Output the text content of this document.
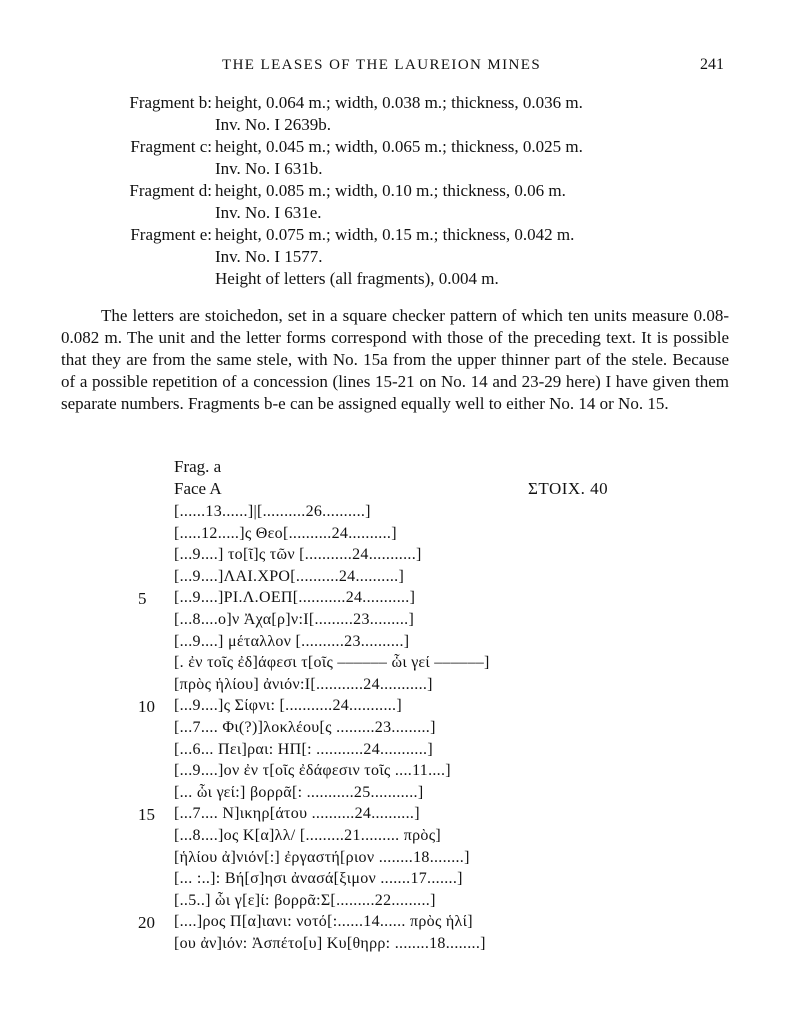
THE LEASES OF THE LAUREION MINES	241
Fragment b: height, 0.064 m.; width, 0.038 m.; thickness, 0.036 m.
Inv. No. I 2639b.
Fragment c: height, 0.045 m.; width, 0.065 m.; thickness, 0.025 m.
Inv. No. I 631b.
Fragment d: height, 0.085 m.; width, 0.10 m.; thickness, 0.06 m.
Inv. No. I 631e.
Fragment e: height, 0.075 m.; width, 0.15 m.; thickness, 0.042 m.
Inv. No. I 1577.
Height of letters (all fragments), 0.004 m.
The letters are stoichedon, set in a square checker pattern of which ten units measure 0.08-0.082 m. The unit and the letter forms correspond with those of the preceding text. It is possible that they are from the same stele, with No. 15a from the upper thinner part of the stele. Because of a possible repetition of a concession (lines 15-21 on No. 14 and 23-29 here) I have given them separate numbers. Fragments b-e can be assigned equally well to either No. 14 or No. 15.
Frag. a
Face A	ΣΤΟΙΧ. 40
[......13......]|[..........26..........]
[.....12.....]ς Θεο[..........24..........]
[...9....] το[ῖ]ς τῶν [...........24...........]
[...9....]ΛΑΙ.ΧΡΟ[..........24..........]
[...9....]ΡΙ.Λ.ΟΕΠ[...........24...........]
[...8....ο]ν Ἀχα[ρ]ν:Ι[.........23.........]
[...9....] μέταλλον [..........23..........]
[. ἐν τοῖς ἐδ]άφεσι τ[οῖς –––––– ὧι γεί ––––––]
[πρὸς ἡλίου] ἀνιόν:Ι[...........24...........]
[...9....]ς Σίφνι: [...........24...........]
[...7.... Φι(?)]λοκλέου[ς .........23.........]
[...6... Πει]ραι: ΗΠ[: ...........24...........]
[...9....]ον ἐν τ[οῖς ἐδάφεσιν τοῖς ....11....]
[... ὧι γεί:] βορρᾶ[: ...........25...........]
[...7.... N]ικηρ[άτου ..........24..........]
[...8....]ος Κ[α]λλ/ [.........21......... πρὸς]
[ἡλίου ἀ]νιόν[:] ἐργαστή[ριον ........18........]
[... :..]: Βή[σ]ησι ἀνασά[ξιμον .......17.......]
[..5..] ὧι γ[ε]ί: βορρᾶ:Σ[.........22.........]
[....]ρος Π[α]ιανι: νοτό[:......14...... πρὸς ἡλί]
[ου ἀν]ιόν: Ἀσπέτο[υ] Κυ[θηρρ: ........18........]
5
10
15
20
